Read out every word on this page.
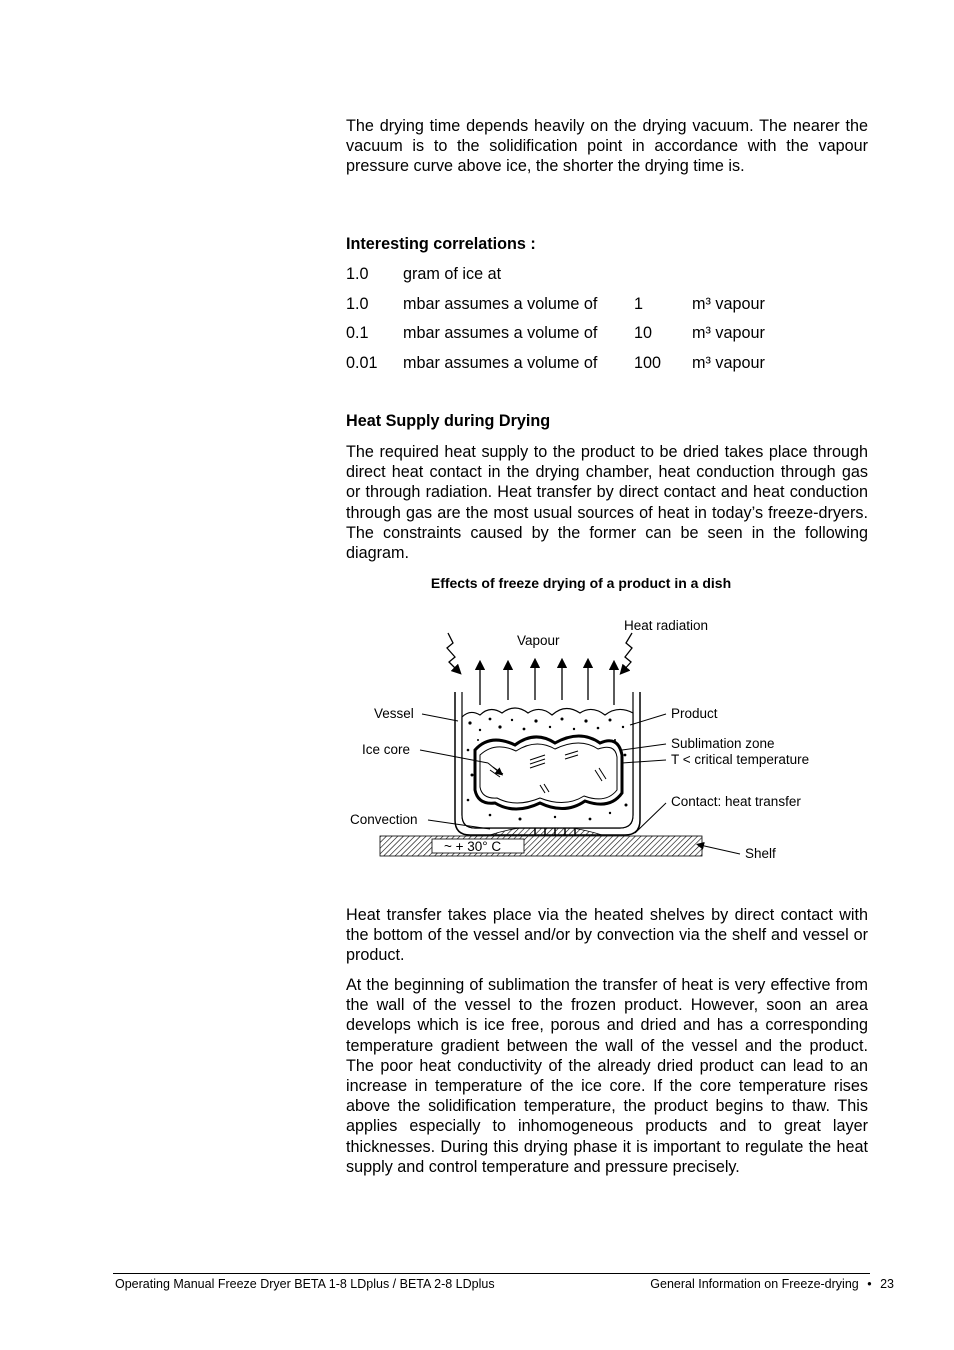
The drying time depends heavily on the drying vacuum. The nearer the vacuum is to the solidification point in accordance with the vapour pressure curve above ice, the shorter the drying time is.

Interesting correlations :
1.0 gram of ice at
1.0 mbar assumes a volume of 1	m³ vapour
0.1 mbar assumes a volume of 10 m³ vapour
0.01 mbar assumes a volume of 100 m³ vapour
Heat Supply during Drying

The required heat supply to the product to be dried takes place through direct heat contact in the drying chamber, heat conduction through gas or through radiation. Heat transfer by direct contact and heat conduction through gas are the most usual sources of heat in today’s freeze-dryers. The constraints caused by the former can be seen in the following diagram.

Effects of freeze drying of a product in a dish
~ + 30° C
Vapour
Heat radiation
Vessel
Ice core
Convection
Product
Sublimation zone
T < critical temperature
Contact: heat transfer
Shelf

Heat transfer takes place via the heated shelves by direct contact with the bottom of the vessel and/or by convection via the shelf and vessel or product.

At the beginning of sublimation the transfer of heat is very effective from the wall of the vessel to the frozen product. However, soon an area develops which is ice free, porous and dried and has a corresponding temperature gradient between the wall of the vessel and the product. The poor heat conductivity of the already dried product can lead to an increase in temperature of the ice core. If the core temperature rises above the solidification temperature, the product begins to thaw. This applies especially to inhomogeneous products and to great layer thicknesses. During this drying phase it is important to regulate the heat supply and control temperature and pressure precisely.

Operating Manual Freeze Dryer BETA 1-8 LDplus / BETA 2-8 LDplus	General Information on Freeze-drying • 23
